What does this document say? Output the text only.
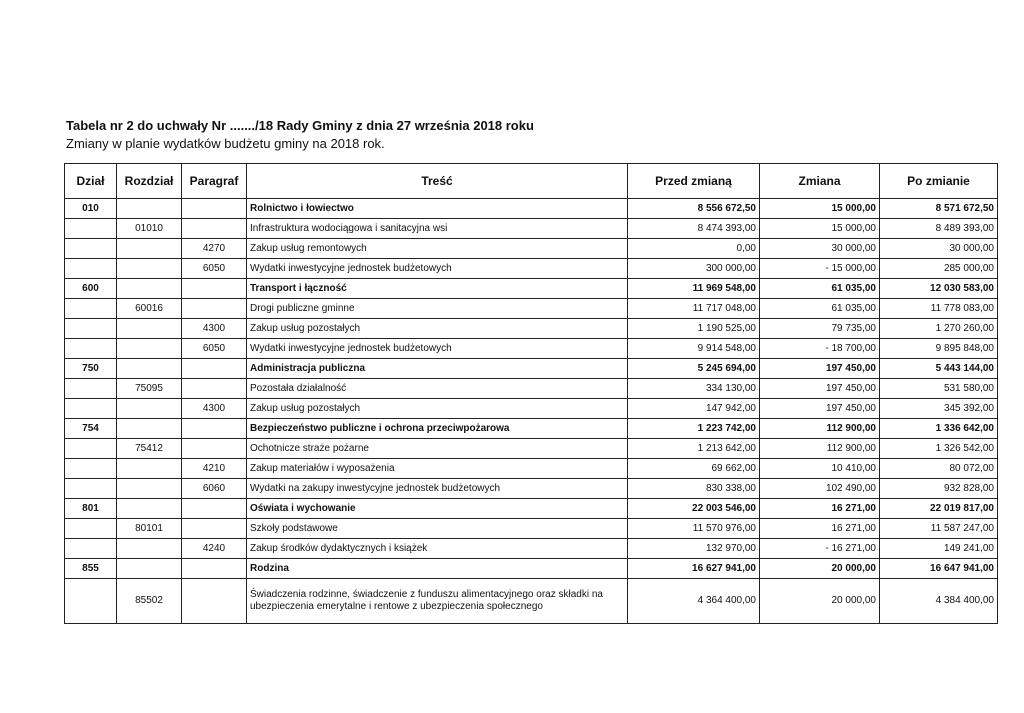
Tabela nr 2 do uchwały Nr ......./18 Rady Gminy z dnia 27 września 2018 roku
Zmiany w planie wydatków budżetu gminy na 2018 rok.
Dział	Rozdział	Paragraf	Treść	Przed zmianą	Zmiana	Po zmianie
010			Rolnictwo i łowiectwo	8 556 672,50	15 000,00	8 571 672,50
	01010		Infrastruktura wodociągowa i sanitacyjna wsi	8 474 393,00	15 000,00	8 489 393,00
		4270	Zakup usług remontowych	0,00	30 000,00	30 000,00
		6050	Wydatki inwestycyjne jednostek budżetowych	300 000,00	- 15 000,00	285 000,00
600			Transport i łączność	11 969 548,00	61 035,00	12 030 583,00
	60016		Drogi publiczne gminne	11 717 048,00	61 035,00	11 778 083,00
		4300	Zakup usług pozostałych	1 190 525,00	79 735,00	1 270 260,00
		6050	Wydatki inwestycyjne jednostek budżetowych	9 914 548,00	- 18 700,00	9 895 848,00
750			Administracja publiczna	5 245 694,00	197 450,00	5 443 144,00
	75095		Pozostała działalność	334 130,00	197 450,00	531 580,00
		4300	Zakup usług pozostałych	147 942,00	197 450,00	345 392,00
754			Bezpieczeństwo publiczne i ochrona przeciwpożarowa	1 223 742,00	112 900,00	1 336 642,00
	75412		Ochotnicze straże pożarne	1 213 642,00	112 900,00	1 326 542,00
		4210	Zakup materiałów i wyposażenia	69 662,00	10 410,00	80 072,00
		6060	Wydatki na zakupy inwestycyjne jednostek budżetowych	830 338,00	102 490,00	932 828,00
801			Oświata i wychowanie	22 003 546,00	16 271,00	22 019 817,00
	80101		Szkoły podstawowe	11 570 976,00	16 271,00	11 587 247,00
		4240	Zakup środków dydaktycznych i książek	132 970,00	- 16 271,00	149 241,00
855			Rodzina	16 627 941,00	20 000,00	16 647 941,00
	85502		Świadczenia rodzinne, świadczenie z funduszu alimentacyjnego oraz składki na ubezpieczenia emerytalne i rentowe z ubezpieczenia społecznego	4 364 400,00	20 000,00	4 384 400,00
